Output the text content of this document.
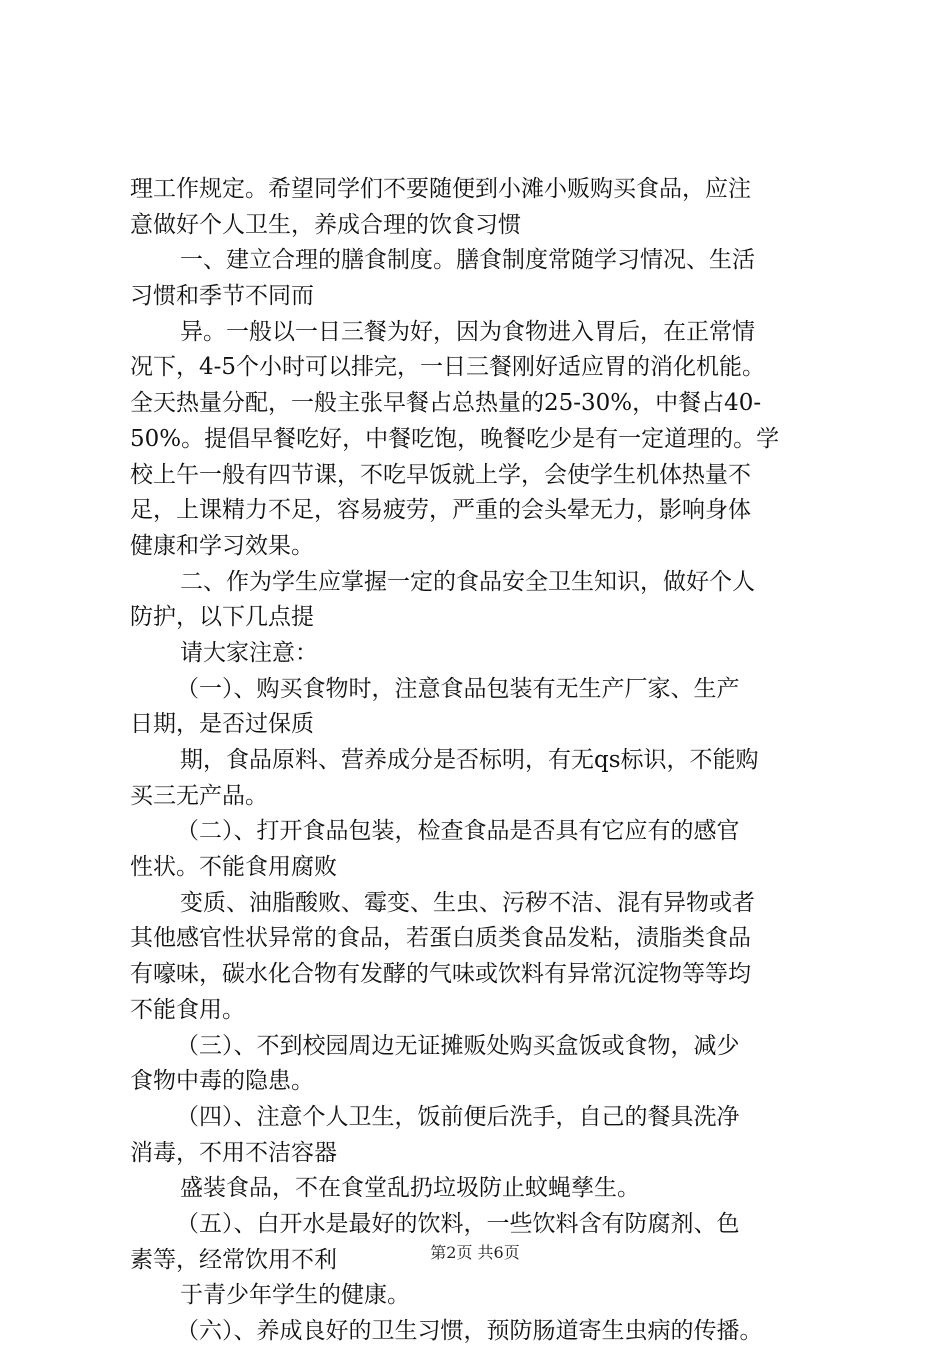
理工作规定。希望同学们不要随便到小滩小贩购买食品，应注
意做好个人卫生，养成合理的饮食习惯
一、建立合理的膳食制度。膳食制度常随学习情况、生活
习惯和季节不同而
异。一般以一日三餐为好，因为食物进入胃后，在正常情
况下，4-5个小时可以排完，一日三餐刚好适应胃的消化机能。
全天热量分配，一般主张早餐占总热量的25-30%，中餐占40-
50%。提倡早餐吃好，中餐吃饱，晚餐吃少是有一定道理的。学
校上午一般有四节课，不吃早饭就上学，会使学生机体热量不
足，上课精力不足，容易疲劳，严重的会头晕无力，影响身体
健康和学习效果。
二、作为学生应掌握一定的食品安全卫生知识，做好个人
防护，以下几点提
请大家注意：
（一）、购买食物时，注意食品包装有无生产厂家、生产
日期，是否过保质
期，食品原料、营养成分是否标明，有无qs标识，不能购
买三无产品。
（二）、打开食品包装，检查食品是否具有它应有的感官
性状。不能食用腐败
变质、油脂酸败、霉变、生虫、污秽不洁、混有异物或者
其他感官性状异常的食品，若蛋白质类食品发粘，渍脂类食品
有嚎味，碳水化合物有发酵的气味或饮料有异常沉淀物等等均
不能食用。
（三）、不到校园周边无证摊贩处购买盒饭或食物，减少
食物中毒的隐患。
（四）、注意个人卫生，饭前便后洗手，自己的餐具洗净
消毒，不用不洁容器
盛装食品，不在食堂乱扔垃圾防止蚊蝇孳生。
（五）、白开水是最好的饮料，一些饮料含有防腐剂、色
素等，经常饮用不利
于青少年学生的健康。
（六）、养成良好的卫生习惯，预防肠道寄生虫病的传播。
第2页 共6页
